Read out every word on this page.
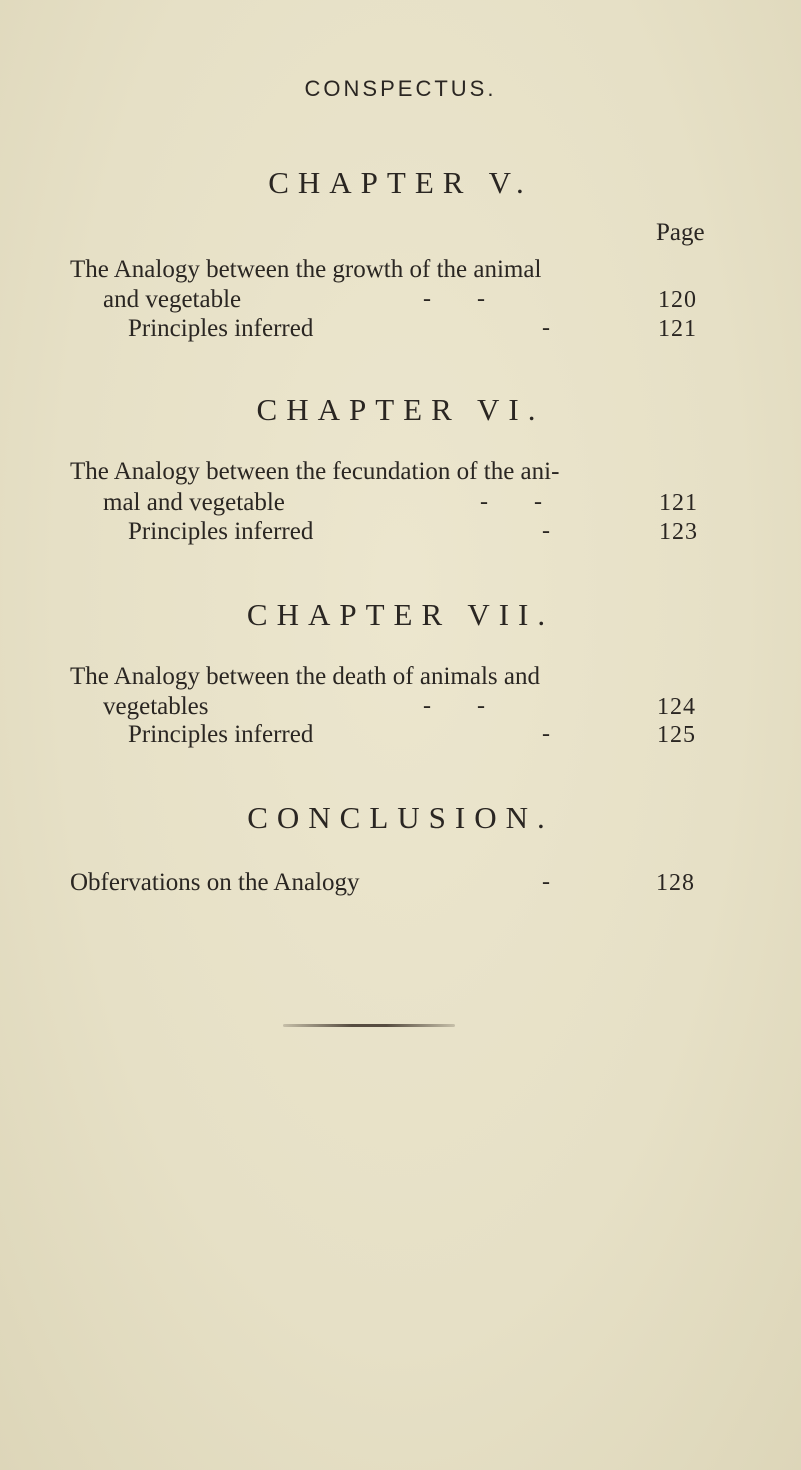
CONSPECTUS.
CHAPTER V.
Page
The Analogy between the growth of the animal
and vegetable	- -	120
Principles inferred	-	121
CHAPTER VI.
The Analogy between the fecundation of the ani-
mal and vegetable	- -	121
Principles inferred	-	123
CHAPTER VII.
The Analogy between the death of animals and
vegetables	- -	124
Principles inferred	-	125
CONCLUSION.
Obfervations on the Analogy	-	128
